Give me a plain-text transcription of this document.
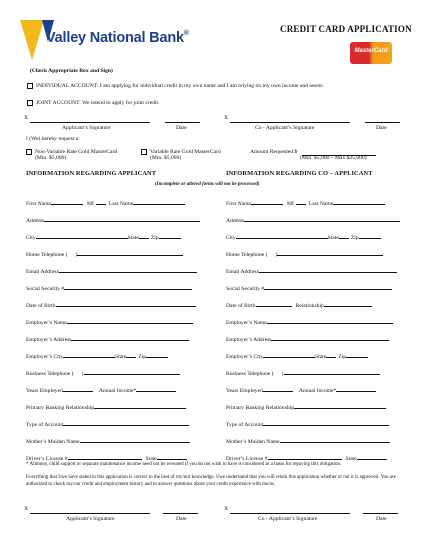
Valley National Bank®	CREDIT CARD APPLICATION
MasterCard
(Check Appropriate Box and Sign)
INDIVIDUAL ACCOUNT: I am applying for individual credit in my own name and I am relying on my own income and assets.
JOINT ACCOUNT: We intend to apply for joint credit.
X	X
Applicant’s Signature	Date	Co - Applicant’s Signature	Date
I (We) hereby request a:
Non-Variable Rate Gold MasterCard
(Min. $5,000)
Variable Rate Gold MasterCard
(Min. $5,000)
Amount Requested $
(Min. $5,000 – Max $25,000)
INFORMATION REGARDING APPLICANT	INFORMATION REGARDING CO – APPLICANT
(Incomplete or altered forms will not be processed)
First Name	MI	Last Name
Address
City	State Zip
Home Telephone ( )
Email Address
Social Security #
Date of Birth
Employer’s Name
Employer’s Address
Employer’s City	State Zip
Business Telephone ( )
Years Employed	Annual Income*
Primary Banking Relationship
Type of Account
Mother’s Maiden Name
Driver’s License #	State
First Name	MI	Last Name
Address
City	State Zip
Home Telephone ( )
Email Address
Social Security #
Date of Birth	Relationship
Employer’s Name
Employer’s Address
Employer’s City	State Zip
Business Telephone ( )
Years Employed	Annual Income*
Primary Banking Relationship
Type of Account
Mother’s Maiden Name
Driver’s License #	State
* Alimony, child support or separate maintenance income need not be revealed if you do not wish to have it considered as a basis for repaying this obligation.
Everything that I/we have stated in this application is correct to the best of my/our knowledge. I/we understand that you will retain this application whether or not it is approved. You are authorized to check my/our credit and employment history and to answer questions about your credit experience with me/us.
X	X
Applicant’s Signature	Date	Co - Applicant’s Signature	Date
